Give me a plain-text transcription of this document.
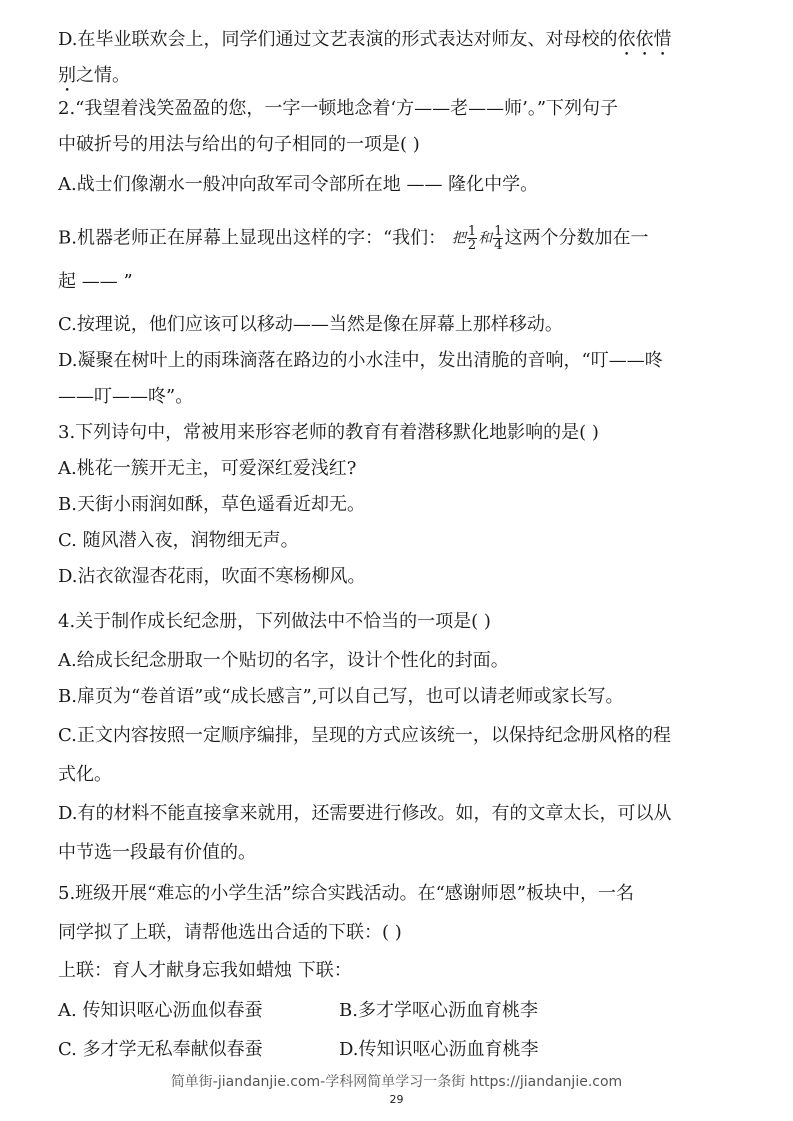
D.在毕业联欢会上，同学们通过文艺表演的形式表达对师友、对母校的依依惜
别之情。
2.“我望着浅笑盈盈的您，一字一顿地念着‘方——老——师’。”下列句子
中破折号的用法与给出的句子相同的一项是( )
A.战士们像潮水一般冲向敌军司令部所在地 —— 隆化中学。
B.机器老师正在屏幕上显现出这样的字：“我们： 把 $\frac{1}{2}$ 和 $\frac{1}{4}$ 这两个分数加在一
起 —— ”
C.按理说，他们应该可以移动——当然是像在屏幕上那样移动。
D.凝聚在树叶上的雨珠滴落在路边的小水洼中，发出清脆的音响，“叮——咚
——叮——咚”。
3.下列诗句中，常被用来形容老师的教育有着潜移默化地影响的是( )
A.桃花一簇开无主，可爱深红爱浅红?
B.天街小雨润如酥，草色遥看近却无。
C. 随风潜入夜，润物细无声。
D.沾衣欲湿杏花雨，吹面不寒杨柳风。
4.关于制作成长纪念册，下列做法中不恰当的一项是( )
A.给成长纪念册取一个贴切的名字，设计个性化的封面。
B.扉页为“卷首语”或“成长感言”,可以自己写，也可以请老师或家长写。
C.正文内容按照一定顺序编排，呈现的方式应该统一，以保持纪念册风格的程
式化。
D.有的材料不能直接拿来就用，还需要进行修改。如，有的文章太长，可以从
中节选一段最有价值的。
5.班级开展“难忘的小学生活”综合实践活动。在“感谢师恩”板块中，一名
同学拟了上联，请帮他选出合适的下联：( )
上联：育人才献身忘我如蜡烛 下联：
A. 传知识呕心沥血似春蚕	B.多才学呕心沥血育桃李
C. 多才学无私奉献似春蚕	D.传知识呕心沥血育桃李
简单街-jiandanjie.com-学科网简单学习一条街 https://jiandanjie.com
29
